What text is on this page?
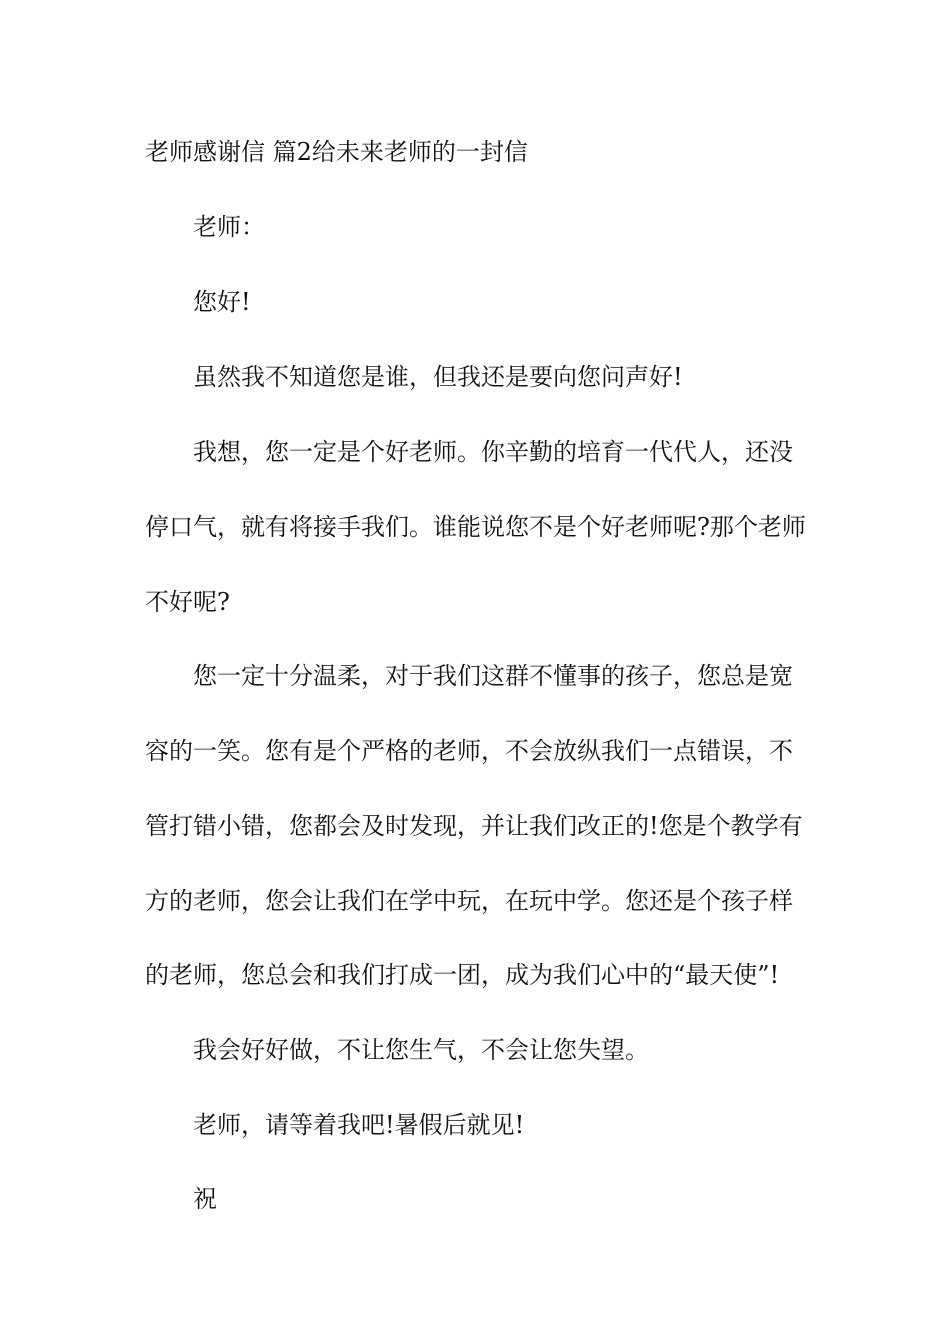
老师感谢信 篇2给未来老师的一封信
老师：
您好!
虽然我不知道您是谁，但我还是要向您问声好!
我想，您一定是个好老师。你辛勤的培育一代代人，还没
停口气，就有将接手我们。谁能说您不是个好老师呢?那个老师
不好呢?
您一定十分温柔，对于我们这群不懂事的孩子，您总是宽
容的一笑。您有是个严格的老师，不会放纵我们一点错误，不
管打错小错，您都会及时发现，并让我们改正的!您是个教学有
方的老师，您会让我们在学中玩，在玩中学。您还是个孩子样
的老师，您总会和我们打成一团，成为我们心中的“最天使”!
我会好好做，不让您生气，不会让您失望。
老师，请等着我吧!暑假后就见!
祝
